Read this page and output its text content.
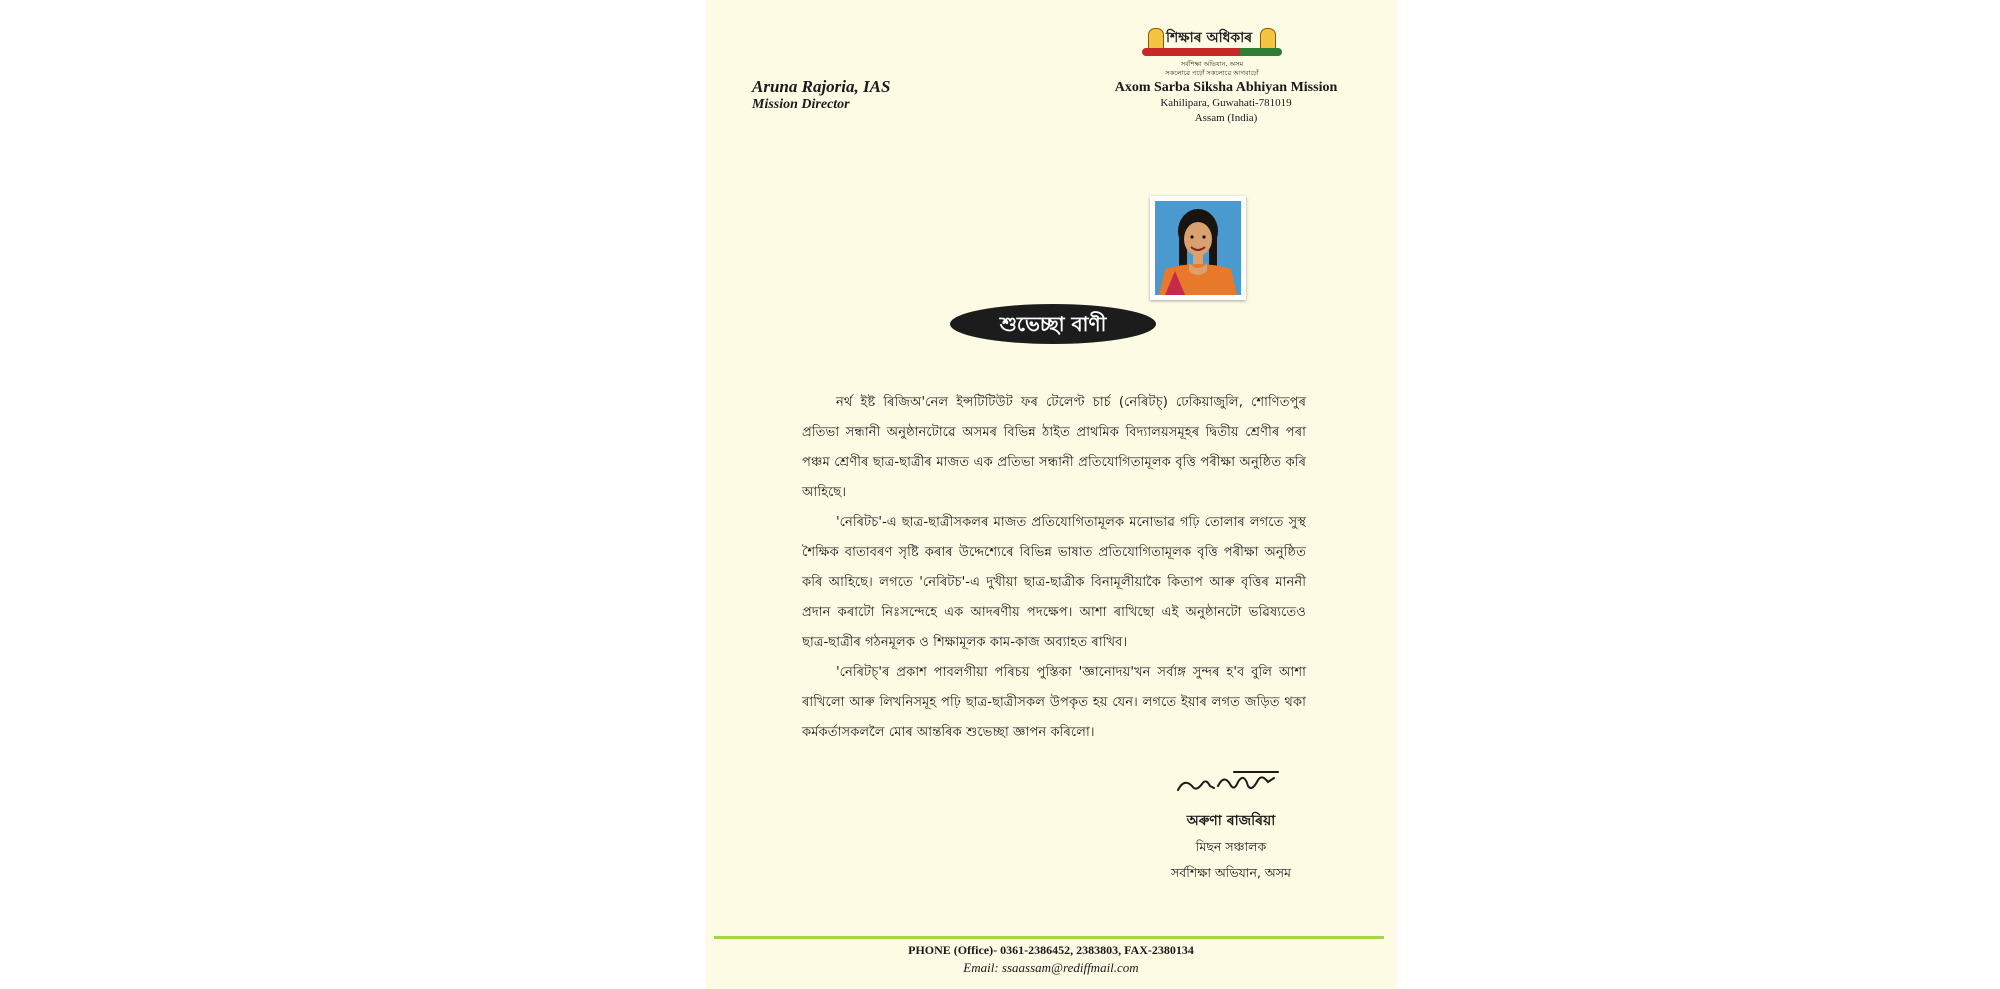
Aruna Rajoria, IAS
Mission Director
শিক্ষাৰ অধিকাৰ
সৰ্বশিক্ষা অভিযান, অসম
সকলোৱে পঢ়োঁ সকলোৱে আগবাঢ়োঁ
Axom Sarba Siksha Abhiyan Mission
Kahilipara, Guwahati-781019
Assam (India)
শুভেচ্ছা বাণী

নৰ্থ ইষ্ট ৰিজিঅ'নেল ইন্সটিটিউট ফৰ টেলেণ্ট চাৰ্চ (নেৰিটচ্‌) ঢেকিয়াজুলি, শোণিতপুৰ প্ৰতিভা সন্ধানী অনুষ্ঠানটোৱে অসমৰ বিভিন্ন ঠাইত প্ৰাথমিক বিদ্যালয়সমূহৰ দ্বিতীয় শ্ৰেণীৰ পৰা পঞ্চম শ্ৰেণীৰ ছাত্ৰ-ছাত্ৰীৰ মাজত এক প্ৰতিভা সন্ধানী প্ৰতিযোগিতামূলক বৃত্তি পৰীক্ষা অনুষ্ঠিত কৰি আহিছে।

'নেৰিটচ'-এ ছাত্ৰ-ছাত্ৰীসকলৰ মাজত প্ৰতিযোগিতামূলক মনোভাৱ গঢ়ি তোলাৰ লগতে সুস্থ শৈক্ষিক বাতাবৰণ সৃষ্টি কৰাৰ উদ্দেশ্যেৰে বিভিন্ন ভাষাত প্ৰতিযোগিতামূলক বৃত্তি পৰীক্ষা অনুষ্ঠিত কৰি আহিছে। লগতে 'নেৰিটচ'-এ দুখীয়া ছাত্ৰ-ছাত্ৰীক বিনামূলীয়াকৈ কিতাপ আৰু বৃত্তিৰ মাননী প্ৰদান কৰাটো নিঃসন্দেহে এক আদৰণীয় পদক্ষেপ। আশা ৰাখিছো এই অনুষ্ঠানটো ভৱিষ্যতেও ছাত্ৰ-ছাত্ৰীৰ গঠনমূলক ও শিক্ষামূলক কাম-কাজ অব্যাহত ৰাখিব।

'নেৰিটচ্‌'ৰ প্ৰকাশ পাবলগীয়া পৰিচয় পুস্তিকা 'জ্ঞানোদয়'খন সৰ্বাঙ্গ সুন্দৰ হ'ব বুলি আশা ৰাখিলো আৰু লিখনিসমূহ পঢ়ি ছাত্ৰ-ছাত্ৰীসকল উপকৃত হয় যেন। লগতে ইয়াৰ লগত জড়িত থকা কৰ্মকৰ্তাসকললৈ মোৰ আন্তৰিক শুভেচ্ছা জ্ঞাপন কৰিলো।

অৰুণা ৰাজৰিয়া
মিছন সঞ্চালক
সৰ্বশিক্ষা অভিযান, অসম
PHONE (Office)- 0361-2386452, 2383803, FAX-2380134
Email: ssaassam@rediffmail.com
